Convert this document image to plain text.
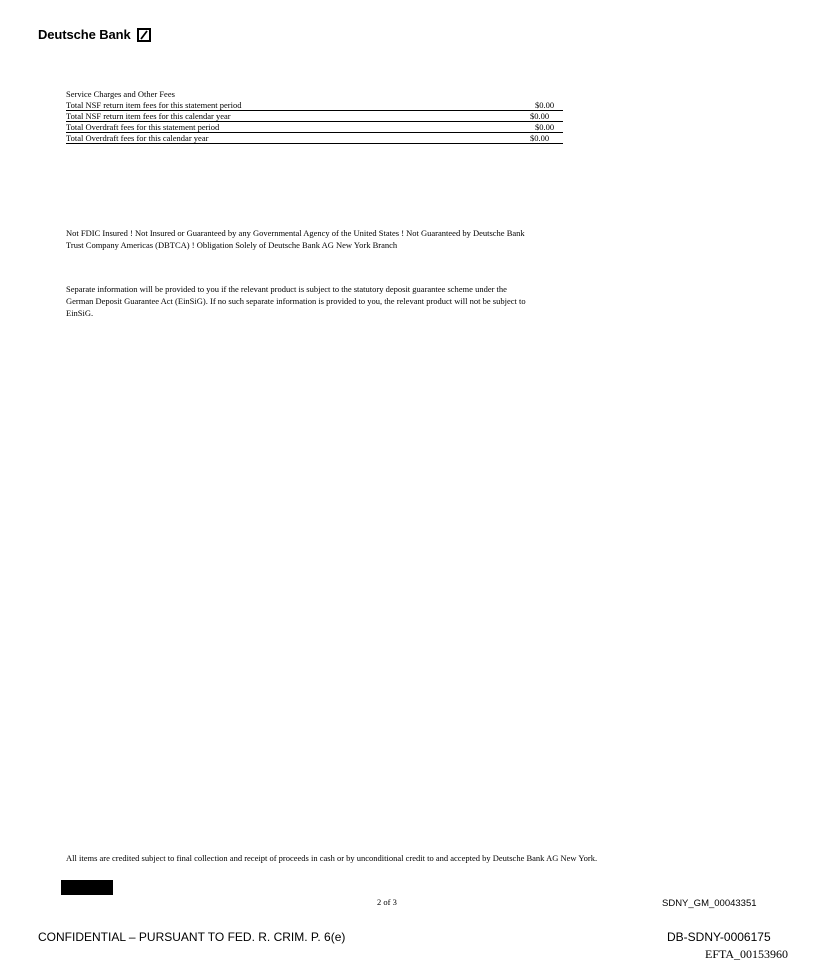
Deutsche Bank
Service Charges and Other Fees
Total NSF return item fees for this statement period	$0.00
Total NSF return item fees for this calendar year	$0.00
Total Overdraft fees for this statement period	$0.00
Total Overdraft fees for this calendar year	$0.00

Not FDIC Insured ! Not Insured or Guaranteed by any Governmental Agency of the United States ! Not Guaranteed by Deutsche Bank Trust Company Americas (DBTCA) ! Obligation Solely of Deutsche Bank AG New York Branch

Separate information will be provided to you if the relevant product is subject to the statutory deposit guarantee scheme under the German Deposit Guarantee Act (EinSiG). If no such separate information is provided to you, the relevant product will not be subject to EinSiG.

All items are credited subject to final collection and receipt of proceeds in cash or by unconditional credit to and accepted by Deutsche Bank AG New York.
2 of 3	SDNY_GM_00043351
CONFIDENTIAL – PURSUANT TO FED. R. CRIM. P. 6(e)	DB-SDNY-0006175
EFTA_00153960
